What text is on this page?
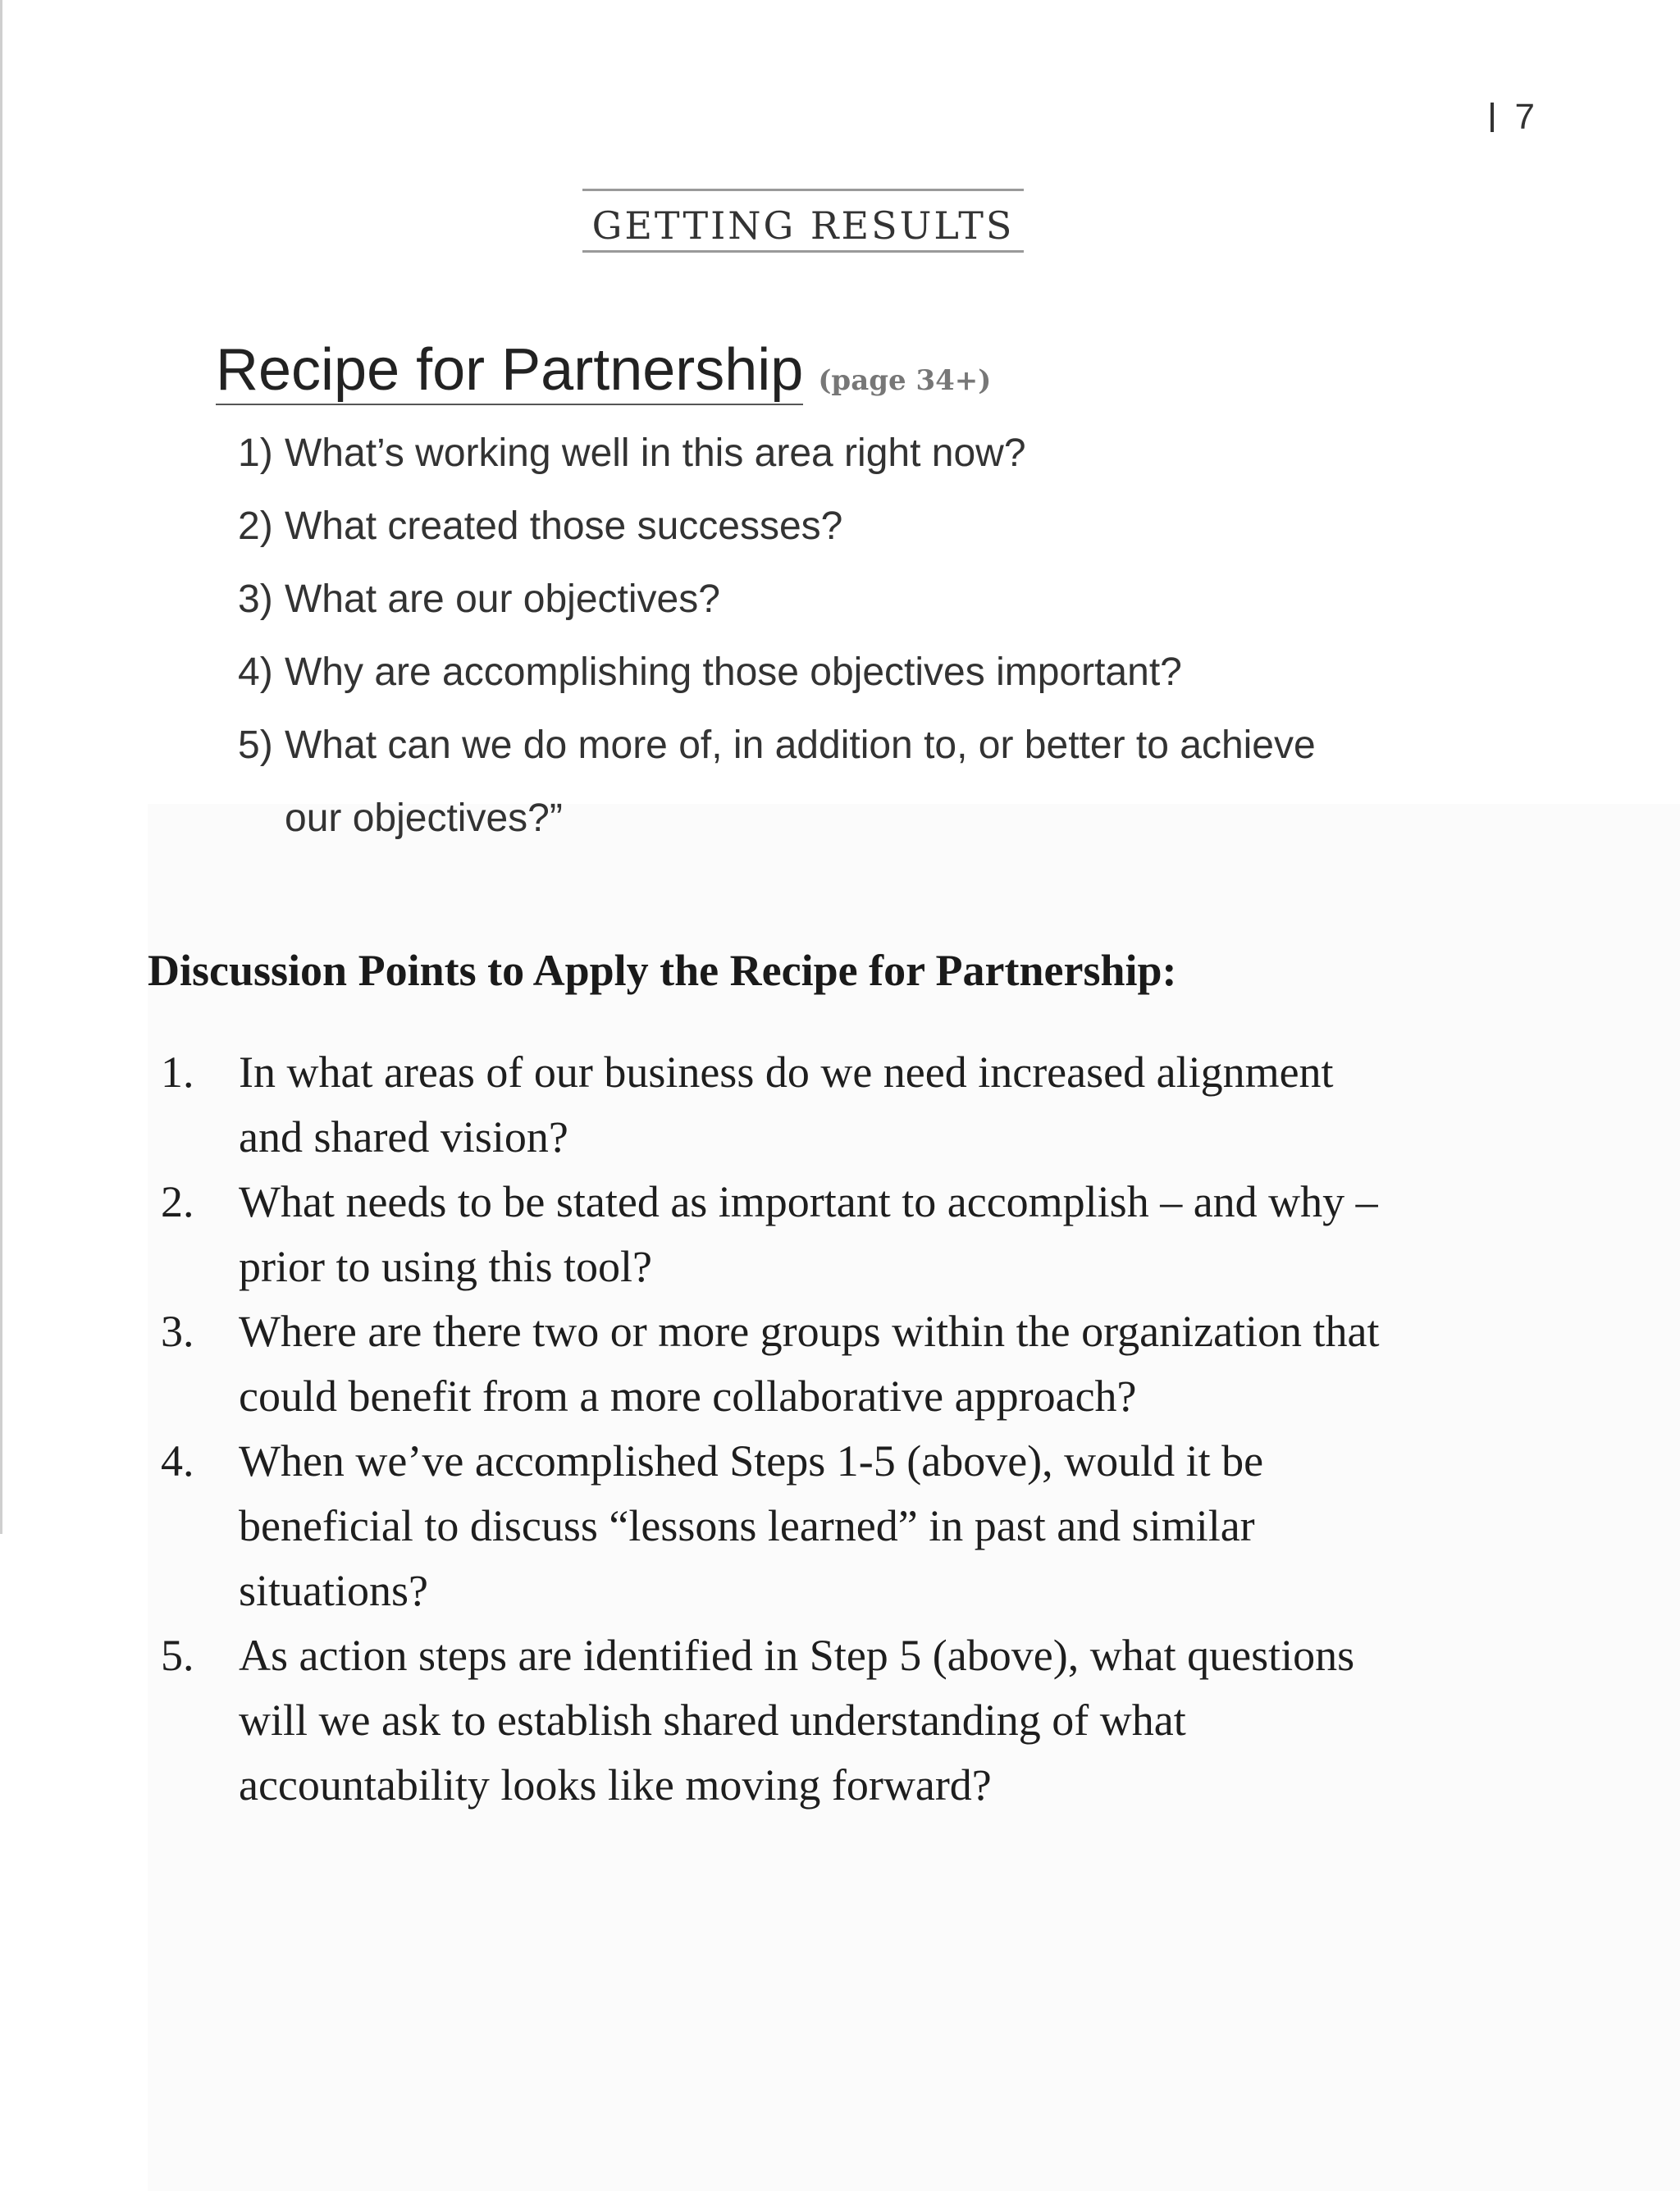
7
GETTING RESULTS
Recipe for Partnership (page 34+)
1) What’s working well in this area right now?
2) What created those successes?
3) What are our objectives?
4) Why are accomplishing those objectives important?
5) What can we do more of, in addition to, or better to achieve
our objectives?”
Discussion Points to Apply the Recipe for Partnership:
1.	In what areas of our business do we need increased alignment
and shared vision?
2.	What needs to be stated as important to accomplish – and why –
prior to using this tool?
3.	Where are there two or more groups within the organization that
could benefit from a more collaborative approach?
4.	When we’ve accomplished Steps 1-5 (above), would it be
beneficial to discuss “lessons learned” in past and similar
situations?
5.	As action steps are identified in Step 5 (above), what questions
will we ask to establish shared understanding of what
accountability looks like moving forward?
